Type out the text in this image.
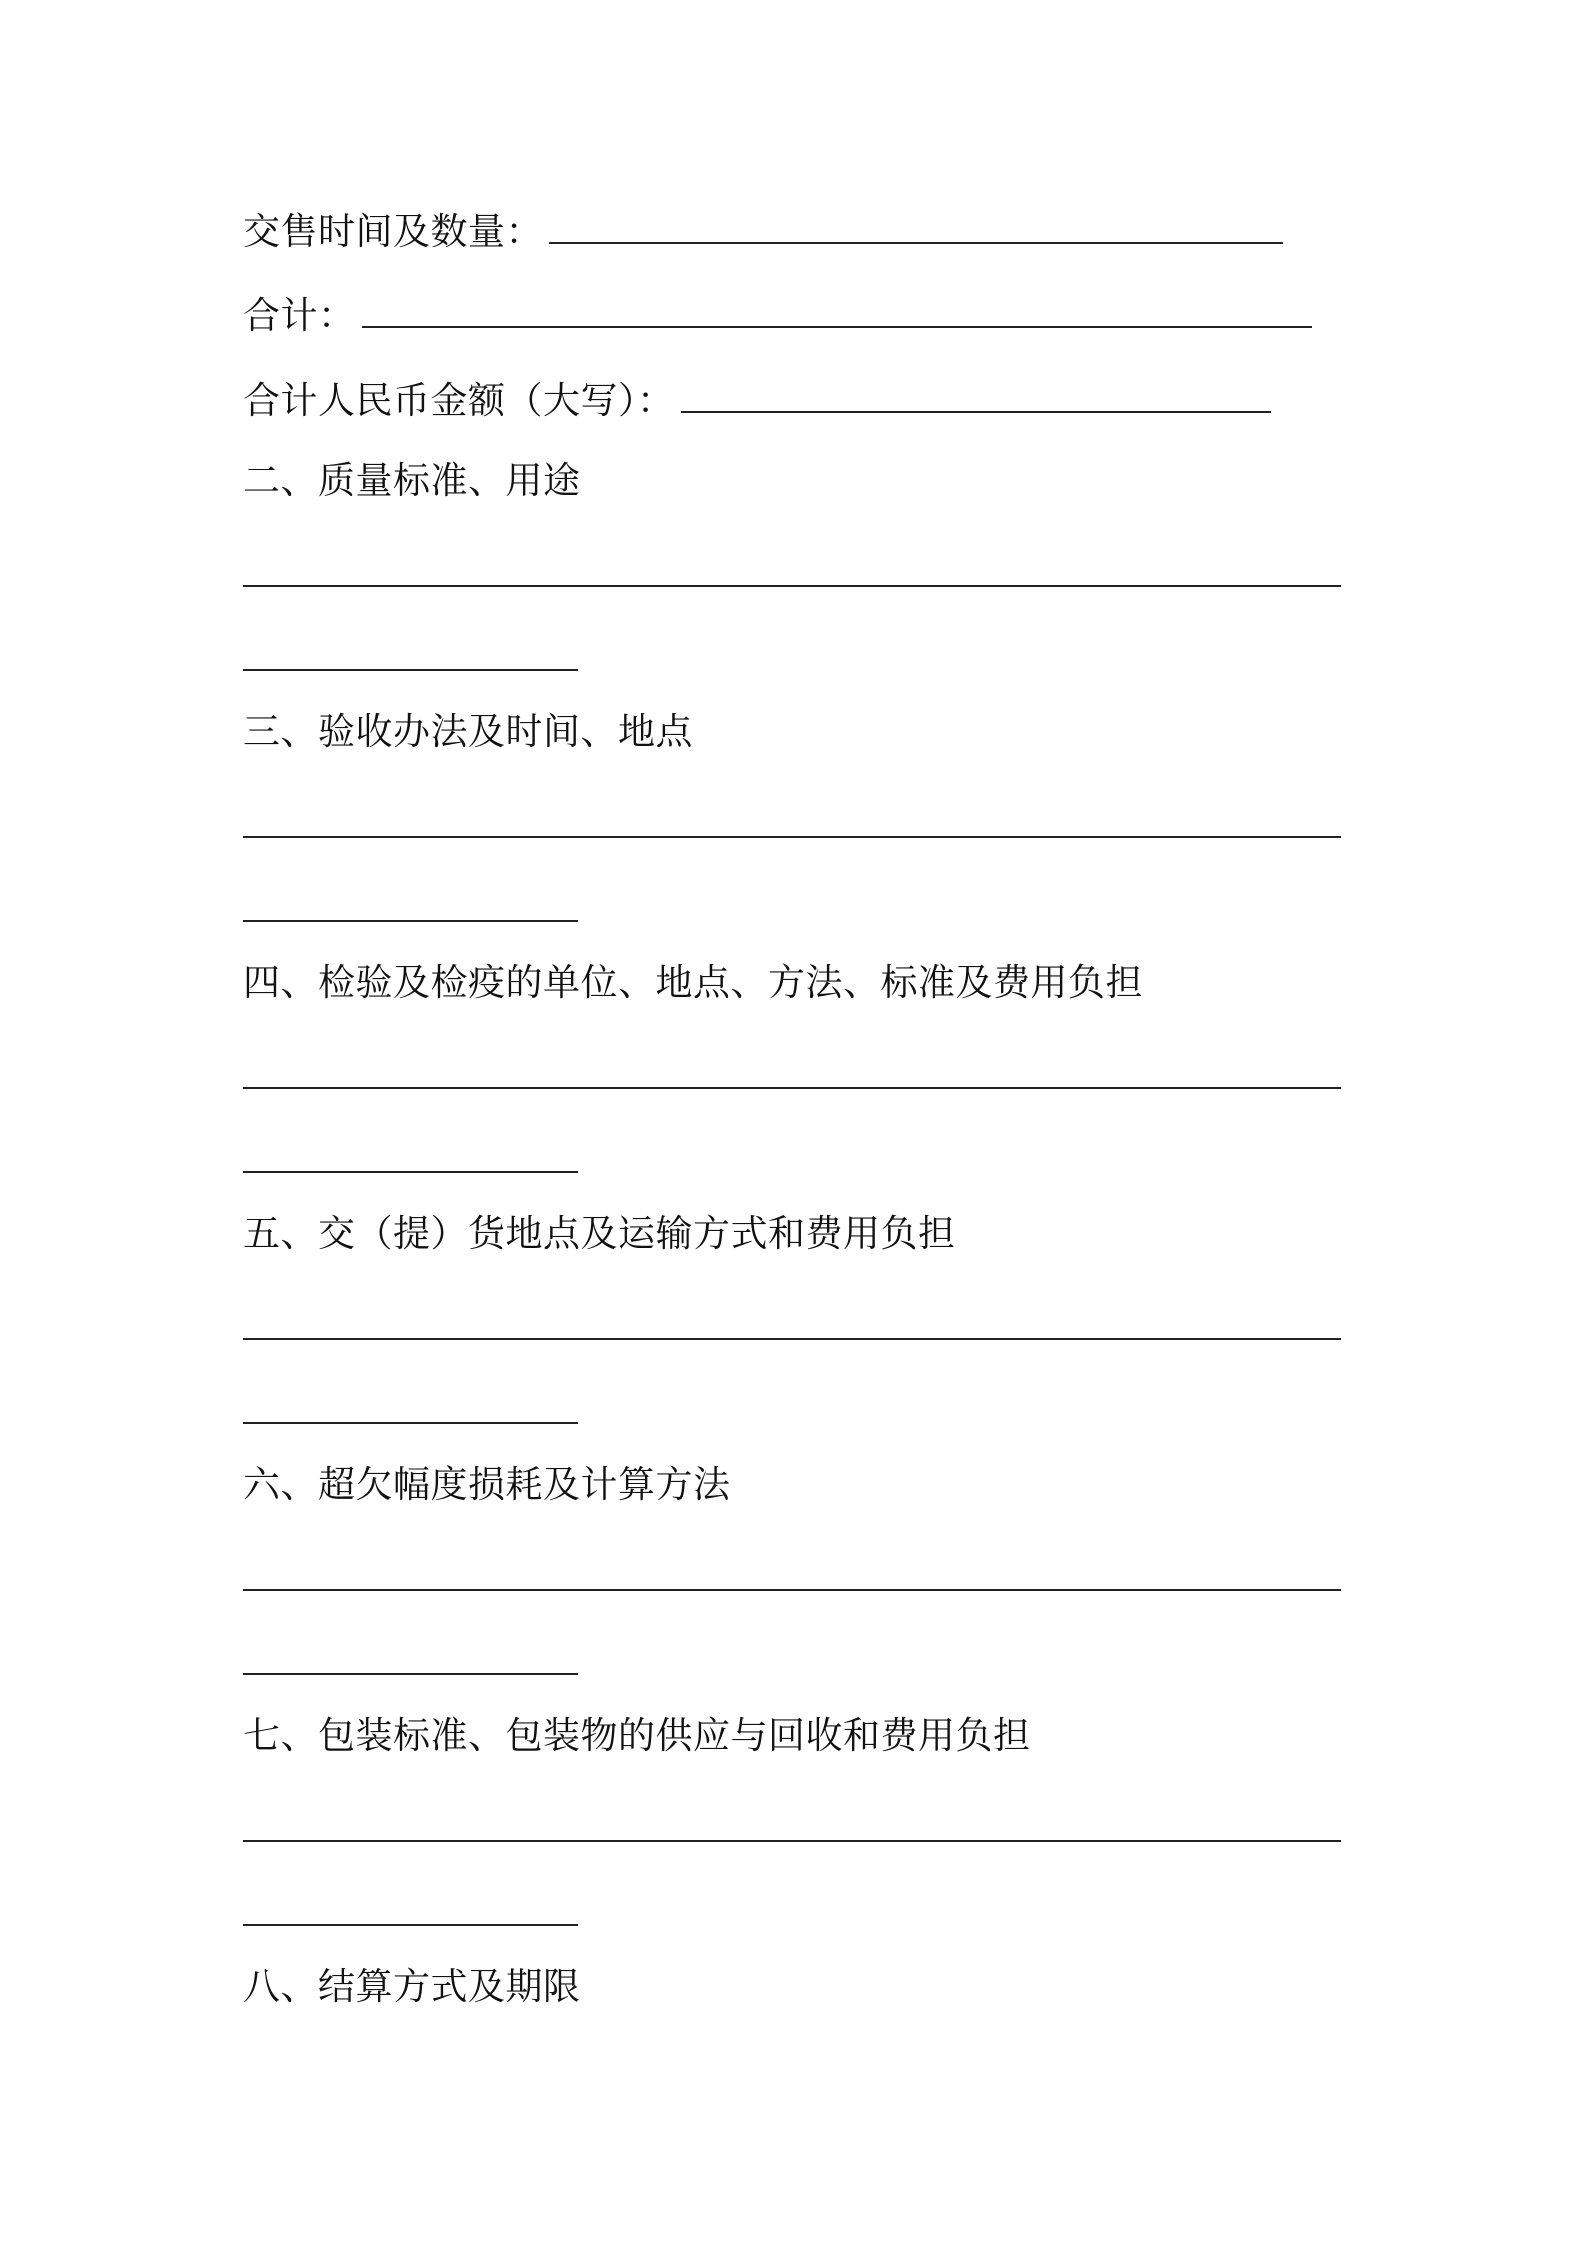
交售时间及数量：
合计：
合计人民币金额（大写）：
二、质量标准、用途
三、验收办法及时间、地点
四、检验及检疫的单位、地点、方法、标准及费用负担
五、交（提）货地点及运输方式和费用负担
六、超欠幅度损耗及计算方法
七、包装标准、包装物的供应与回收和费用负担
八、结算方式及期限
